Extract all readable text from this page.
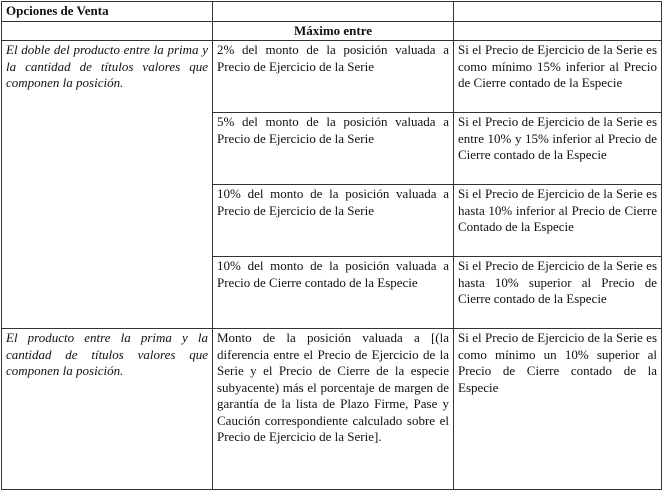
Opciones de Venta		
	Máximo entre	
El doble del producto entre la prima y la cantidad de títulos valores que componen la posición.	2% del monto de la posición valuada a Precio de Ejercicio de la Serie	Si el Precio de Ejercicio de la Serie es como mínimo 15% inferior al Precio de Cierre contado de la Especie
	5% del monto de la posición valuada a Precio de Ejercicio de la Serie	Si el Precio de Ejercicio de la Serie es entre 10% y 15% inferior al Precio de Cierre contado de la Especie
	10% del monto de la posición valuada a Precio de Ejercicio de la Serie	Si el Precio de Ejercicio de la Serie es hasta 10% inferior al Precio de Cierre Contado de la Especie
	10% del monto de la posición valuada a Precio de Cierre contado de la Especie	Si el Precio de Ejercicio de la Serie es hasta 10% superior al Precio de Cierre contado de la Especie
El producto entre la prima y la cantidad de títulos valores que componen la posición.	Monto de la posición valuada a [(la diferencia entre el Precio de Ejercicio de la Serie y el Precio de Cierre de la especie subyacente) más el porcentaje de margen de garantía de la lista de Plazo Firme, Pase y Caución correspondiente calculado sobre el Precio de Ejercicio de la Serie].	Si el Precio de Ejercicio de la Serie es como mínimo un 10% superior al Precio de Cierre contado de la Especie
